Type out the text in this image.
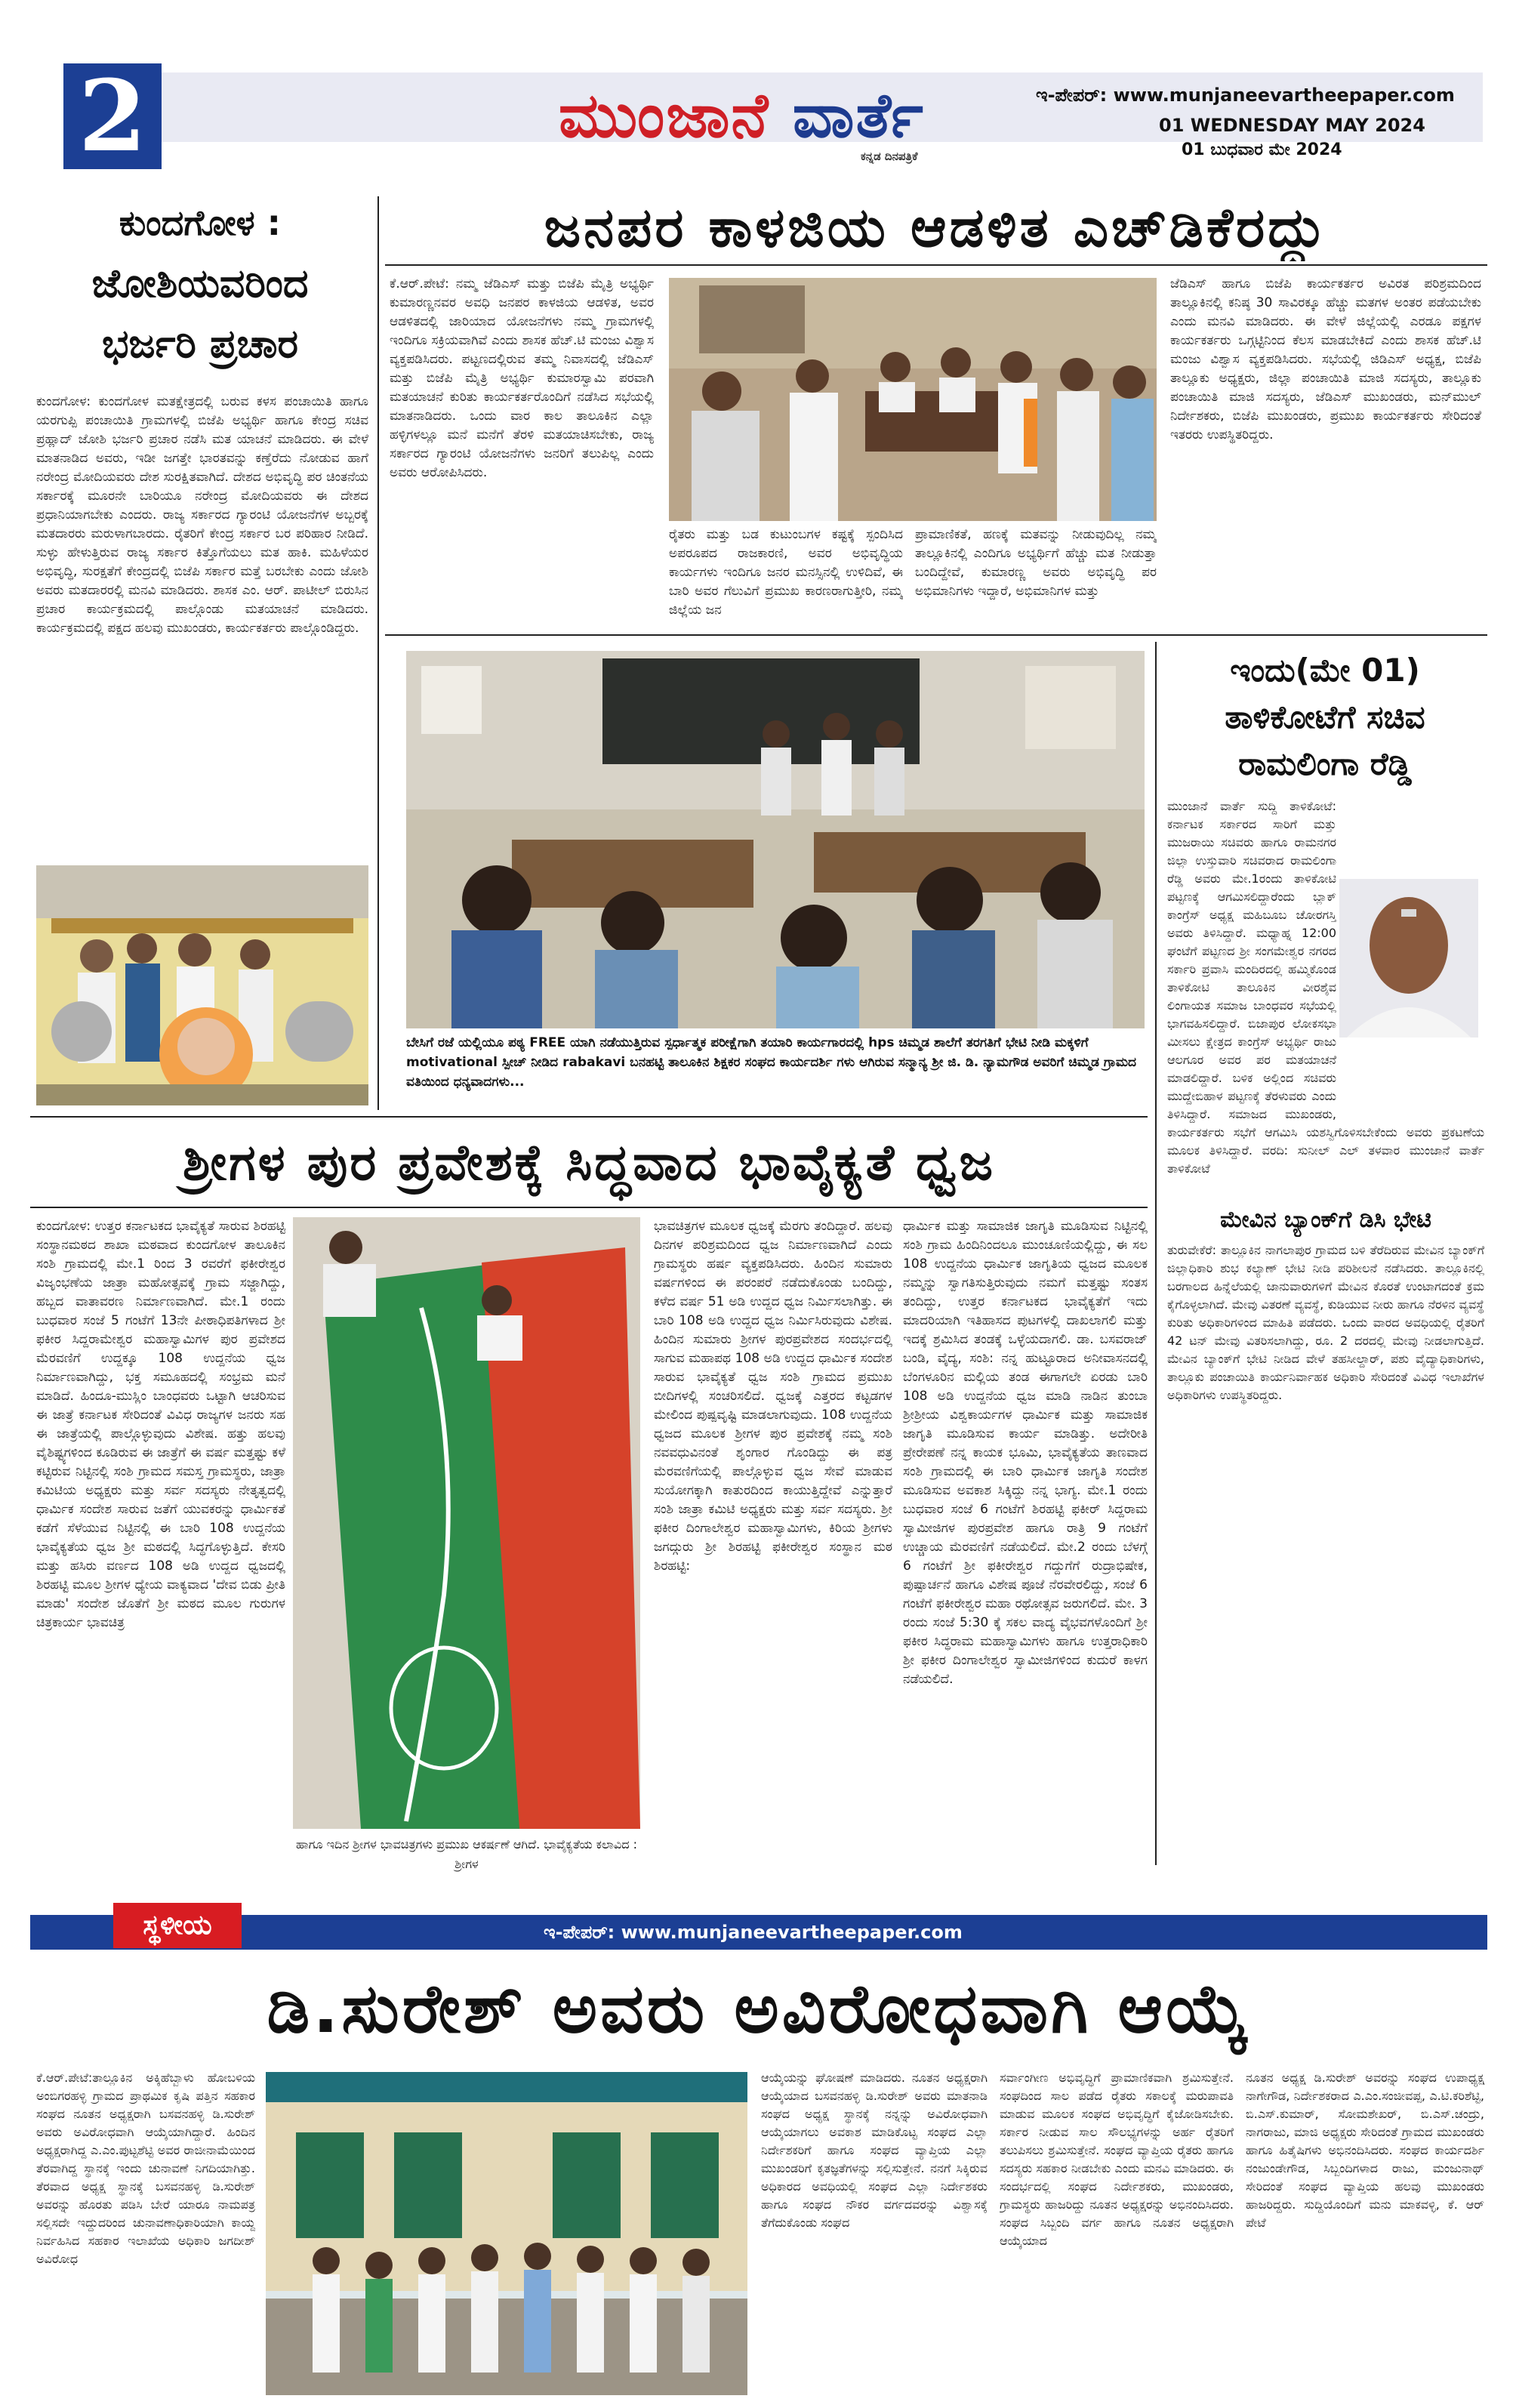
2	ಮುಂಜಾನೆ ವಾರ್ತೆ
ಕನ್ನಡ ದಿನಪತ್ರಿಕೆ
ಇ-ಪೇಪರ್: www.munjaneevartheepaper.com
01 WEDNESDAY MAY 2024
01 ಬುಧವಾರ ಮೇ 2024
ಕುಂದಗೋಳ :
ಜೋಶಿಯವರಿಂದ
ಭರ್ಜರಿ ಪ್ರಚಾರ
ಕುಂದಗೋಳ: ಕುಂದಗೋಳ ಮತಕ್ಷೇತ್ರದಲ್ಲಿ ಬರುವ ಕಳಸ ಪಂಚಾಯಿತಿ ಹಾಗೂ ಯರಗುಪ್ಪಿ ಪಂಚಾಯಿತಿ ಗ್ರಾಮಗಳಲ್ಲಿ ಬಿಜೆಪಿ ಅಭ್ಯರ್ಥಿ ಹಾಗೂ ಕೇಂದ್ರ ಸಚಿವ ಪ್ರಹ್ಲಾದ್ ಜೋಶಿ ಭರ್ಜರಿ ಪ್ರಚಾರ ನಡೆಸಿ ಮತ ಯಾಚನೆ ಮಾಡಿದರು. ಈ ವೇಳೆ ಮಾತನಾಡಿದ ಅವರು, ಇಡೀ ಜಗತ್ತೇ ಭಾರತವನ್ನು ಕಣ್ತೆರೆದು ನೋಡುವ ಹಾಗೆ ನರೇಂದ್ರ ಮೋದಿಯವರು ದೇಶ ಸುರಕ್ಷಿತವಾಗಿದೆ. ದೇಶದ ಅಭಿವೃದ್ಧಿ ಪರ ಚಿಂತನೆಯ ಸರ್ಕಾರಕ್ಕೆ ಮೂರನೇ ಬಾರಿಯೂ ನರೇಂದ್ರ ಮೋದಿಯವರು ಈ ದೇಶದ ಪ್ರಧಾನಿಯಾಗಬೇಕು ಎಂದರು. ರಾಜ್ಯ ಸರ್ಕಾರದ ಗ್ಯಾರಂಟಿ ಯೋಜನೆಗಳ ಅಬ್ಬರಕ್ಕೆ ಮತದಾರರು ಮರುಳಾಗಬಾರದು. ರೈತರಿಗೆ ಕೇಂದ್ರ ಸರ್ಕಾರ ಬರ ಪರಿಹಾರ ನೀಡಿದೆ. ಸುಳ್ಳು ಹೇಳುತ್ತಿರುವ ರಾಜ್ಯ ಸರ್ಕಾರ ಕಿತ್ತೊಗೆಯಲು ಮತ ಹಾಕಿ. ಮಹಿಳೆಯರ ಅಭಿವೃದ್ಧಿ, ಸುರಕ್ಷತೆಗೆ ಕೇಂದ್ರದಲ್ಲಿ ಬಿಜೆಪಿ ಸರ್ಕಾರ ಮತ್ತೆ ಬರಬೇಕು ಎಂದು ಜೋಶಿ ಅವರು ಮತದಾರರಲ್ಲಿ ಮನವಿ ಮಾಡಿದರು. ಶಾಸಕ ಎಂ. ಆರ್. ಪಾಟೀಲ್ ಬಿರುಸಿನ ಪ್ರಚಾರ ಕಾರ್ಯಕ್ರಮದಲ್ಲಿ ಪಾಲ್ಗೊಂಡು ಮತಯಾಚನೆ ಮಾಡಿದರು. ಕಾರ್ಯಕ್ರಮದಲ್ಲಿ ಪಕ್ಷದ ಹಲವು ಮುಖಂಡರು, ಕಾರ್ಯಕರ್ತರು ಪಾಲ್ಗೊಂಡಿದ್ದರು.
ಜನಪರ ಕಾಳಜಿಯ ಆಡಳಿತ ಎಚ್‌ಡಿಕೆರದ್ದು
ಕೆ.ಆರ್.ಪೇಟೆ: ನಮ್ಮ ಜೆಡಿಎಸ್ ಮತ್ತು ಬಿಜೆಪಿ ಮೈತ್ರಿ ಅಭ್ಯರ್ಥಿ ಕುಮಾರಣ್ಣನವರ ಅವಧಿ ಜನಪರ ಕಾಳಜಿಯ ಆಡಳಿತ, ಅವರ ಆಡಳಿತದಲ್ಲಿ ಜಾರಿಯಾದ ಯೋಜನೆಗಳು ನಮ್ಮ ಗ್ರಾಮಗಳಲ್ಲಿ ಇಂದಿಗೂ ಸಕ್ರಿಯವಾಗಿವೆ ಎಂದು ಶಾಸಕ ಹೆಚ್.ಟಿ ಮಂಜು ವಿಶ್ವಾಸ ವ್ಯಕ್ತಪಡಿಸಿದರು. ಪಟ್ಟಣದಲ್ಲಿರುವ ತಮ್ಮ ನಿವಾಸದಲ್ಲಿ ಜೆಡಿಎಸ್ ಮತ್ತು ಬಿಜೆಪಿ ಮೈತ್ರಿ ಅಭ್ಯರ್ಥಿ ಕುಮಾರಸ್ವಾಮಿ ಪರವಾಗಿ ಮತಯಾಚನೆ ಕುರಿತು ಕಾರ್ಯಕರ್ತರೊಂದಿಗೆ ನಡೆಸಿದ ಸಭೆಯಲ್ಲಿ ಮಾತನಾಡಿದರು. ಒಂದು ವಾರ ಕಾಲ ತಾಲೂಕಿನ ಎಲ್ಲಾ ಹಳ್ಳಿಗಳಲ್ಲೂ ಮನೆ ಮನೆಗೆ ತೆರಳಿ ಮತಯಾಚಿಸಬೇಕು, ರಾಜ್ಯ ಸರ್ಕಾರದ ಗ್ಯಾರಂಟಿ ಯೋಜನೆಗಳು ಜನರಿಗೆ ತಲುಪಿಲ್ಲ ಎಂದು ಅವರು ಆರೋಪಿಸಿದರು.
ರೈತರು ಮತ್ತು ಬಡ ಕುಟುಂಬಗಳ ಕಷ್ಟಕ್ಕೆ ಸ್ಪಂದಿಸಿದ ಅಪರೂಪದ ರಾಜಕಾರಣಿ, ಅವರ ಅಭಿವೃದ್ಧಿಯ ಕಾರ್ಯಗಳು ಇಂದಿಗೂ ಜನರ ಮನಸ್ಸಿನಲ್ಲಿ ಉಳಿದಿವೆ, ಈ ಬಾರಿ ಅವರ ಗೆಲುವಿಗೆ ಪ್ರಮುಖ ಕಾರಣರಾಗುತ್ತೀರಿ, ನಮ್ಮ ಜಿಲ್ಲೆಯ ಜನ
ಪ್ರಾಮಾಣಿಕತೆ, ಹಣಕ್ಕೆ ಮತವನ್ನು ನೀಡುವುದಿಲ್ಲ ನಮ್ಮ ತಾಲ್ಲೂಕಿನಲ್ಲಿ ಎಂದಿಗೂ ಅಭ್ಯರ್ಥಿಗೆ ಹೆಚ್ಚು ಮತ ನೀಡುತ್ತಾ ಬಂದಿದ್ದೇವೆ, ಕುಮಾರಣ್ಣ ಅವರು ಅಭಿವೃದ್ಧಿ ಪರ ಅಭಿಮಾನಿಗಳು ಇದ್ದಾರೆ, ಅಭಿಮಾನಿಗಳ ಮತ್ತು
ಜೆಡಿಎಸ್ ಹಾಗೂ ಬಿಜೆಪಿ ಕಾರ್ಯಕರ್ತರ ಅವಿರತ ಪರಿಶ್ರಮದಿಂದ ತಾಲ್ಲೂಕಿನಲ್ಲಿ ಕನಿಷ್ಠ 30 ಸಾವಿರಕ್ಕೂ ಹೆಚ್ಚು ಮತಗಳ ಅಂತರ ಪಡೆಯಬೇಕು ಎಂದು ಮನವಿ ಮಾಡಿದರು. ಈ ವೇಳೆ ಜಿಲ್ಲೆಯಲ್ಲಿ ಎರಡೂ ಪಕ್ಷಗಳ ಕಾರ್ಯಕರ್ತರು ಒಗ್ಗಟ್ಟಿನಿಂದ ಕೆಲಸ ಮಾಡಬೇಕಿದೆ ಎಂದು ಶಾಸಕ ಹೆಚ್.ಟಿ ಮಂಜು ವಿಶ್ವಾಸ ವ್ಯಕ್ತಪಡಿಸಿದರು. ಸಭೆಯಲ್ಲಿ ಜಿಡಿಎಸ್ ಅಧ್ಯಕ್ಷ, ಬಿಜೆಪಿ ತಾಲ್ಲೂಕು ಅಧ್ಯಕ್ಷರು, ಜಿಲ್ಲಾ ಪಂಚಾಯಿತಿ ಮಾಜಿ ಸದಸ್ಯರು, ತಾಲ್ಲೂಕು ಪಂಚಾಯಿತಿ ಮಾಜಿ ಸದಸ್ಯರು, ಜೆಡಿಎಸ್ ಮುಖಂಡರು, ಮನ್‌ಮುಲ್ ನಿರ್ದೇಶಕರು, ಬಿಜೆಪಿ ಮುಖಂಡರು, ಪ್ರಮುಖ ಕಾರ್ಯಕರ್ತರು ಸೇರಿದಂತೆ ಇತರರು ಉಪಸ್ಥಿತರಿದ್ದರು.
ಬೇಸಿಗೆ ರಜೆ ಯಲ್ಲಿಯೂ ಪಠ್ಯ FREE ಯಾಗಿ ನಡೆಯುತ್ತಿರುವ ಸ್ಪರ್ಧಾತ್ಮಕ ಪರೀಕ್ಷೆಗಾಗಿ ತಯಾರಿ ಕಾರ್ಯಗಾರದಲ್ಲಿ hps ಚಿಮ್ಮಡ ಶಾಲೆಗೆ ತರಗತಿಗೆ ಭೇಟಿ ನೀಡಿ ಮಕ್ಕಳಿಗೆ motivational ಸ್ಪೀಚ್ ನೀಡಿದ rabakavi ಬನಹಟ್ಟಿ ತಾಲೂಕಿನ ಶಿಕ್ಷಕರ ಸಂಘದ ಕಾರ್ಯದರ್ಶಿ ಗಳು ಆಗಿರುವ ಸನ್ಮಾನ್ಯ ಶ್ರೀ ಜಿ. ಡಿ. ನ್ಯಾಮಗೌಡ ಅವರಿಗೆ ಚಿಮ್ಮಡ ಗ್ರಾಮದ ವತಿಯಿಂದ ಧನ್ಯವಾದಗಳು...
ಇಂದು(ಮೇ 01)
ತಾಳಿಕೋಟೆಗೆ ಸಚಿವ
ರಾಮಲಿಂಗಾ ರೆಡ್ಡಿ
ಮುಂಜಾನೆ ವಾರ್ತೆ ಸುದ್ದಿ ತಾಳಿಕೋಟೆ: ಕರ್ನಾಟಕ ಸರ್ಕಾರದ ಸಾರಿಗೆ ಮತ್ತು ಮುಜರಾಯಿ ಸಚಿವರು ಹಾಗೂ ರಾಮನಗರ ಜಿಲ್ಲಾ ಉಸ್ತುವಾರಿ ಸಚಿವರಾದ ರಾಮಲಿಂಗಾ ರೆಡ್ಡಿ ಅವರು ಮೇ.1ರಂದು ತಾಳಿಕೋಟಿ ಪಟ್ಟಣಕ್ಕೆ ಆಗಮಿಸಲಿದ್ದಾರೆಂದು ಬ್ಲಾಕ್ ಕಾಂಗ್ರೆಸ್ ಅಧ್ಯಕ್ಷ ಮಹಿಬೂಬ ಚೋರಗಸ್ತಿ ಅವರು ತಿಳಿಸಿದ್ದಾರೆ. ಮಧ್ಯಾಹ್ನ 12:00 ಘಂಟೆಗೆ ಪಟ್ಟಣದ ಶ್ರೀ ಸಂಗಮೇಶ್ವರ ನಗರದ ಸರ್ಕಾರಿ ಪ್ರವಾಸಿ ಮಂದಿರದಲ್ಲಿ ಹಮ್ಮಿಕೊಂಡ ತಾಳಿಕೋಟಿ ತಾಲೂಕಿನ ವೀರಶೈವ ಲಿಂಗಾಯತ ಸಮಾಜ ಬಾಂಧವರ ಸಭೆಯಲ್ಲಿ ಭಾಗವಹಿಸಲಿದ್ದಾರೆ. ಬಿಜಾಪುರ ಲೋಕಸಭಾ ಮೀಸಲು ಕ್ಷೇತ್ರದ ಕಾಂಗ್ರೆಸ್ ಅಭ್ಯರ್ಥಿ ರಾಜು ಆಲಗೂರ ಅವರ ಪರ ಮತಯಾಚನೆ ಮಾಡಲಿದ್ದಾರೆ. ಬಳಿಕ ಅಲ್ಲಿಂದ ಸಚಿವರು ಮುದ್ದೇಬಿಹಾಳ ಪಟ್ಟಣಕ್ಕೆ ತೆರಳುವರು ಎಂದು ತಿಳಿಸಿದ್ದಾರೆ. ಸಮಾಜದ ಮುಖಂಡರು, ಕಾರ್ಯಕರ್ತರು ಸಭೆಗೆ ಆಗಮಿಸಿ ಯಶಸ್ವಿಗೊಳಿಸಬೇಕೆಂದು ಅವರು ಪ್ರಕಟಣೆಯ ಮೂಲಕ ತಿಳಿಸಿದ್ದಾರೆ. ವರದಿ: ಸುನೀಲ್ ಎಲ್ ತಳವಾರ ಮುಂಜಾನೆ ವಾರ್ತೆ ತಾಳಿಕೋಟೆ
ಮೇವಿನ ಬ್ಯಾಂಕ್‌ಗೆ ಡಿಸಿ ಭೇಟಿ
ತುರುವೇಕೆರೆ: ತಾಲ್ಲೂಕಿನ ನಾಗಲಾಪುರ ಗ್ರಾಮದ ಬಳಿ ತೆರೆದಿರುವ ಮೇವಿನ ಬ್ಯಾಂಕ್‌ಗೆ ಜಿಲ್ಲಾಧಿಕಾರಿ ಶುಭ ಕಲ್ಯಾಣ್ ಭೇಟಿ ನೀಡಿ ಪರಿಶೀಲನೆ ನಡೆಸಿದರು. ತಾಲ್ಲೂಕಿನಲ್ಲಿ ಬರಗಾಲದ ಹಿನ್ನೆಲೆಯಲ್ಲಿ ಜಾನುವಾರುಗಳಿಗೆ ಮೇವಿನ ಕೊರತೆ ಉಂಟಾಗದಂತೆ ಕ್ರಮ ಕೈಗೊಳ್ಳಲಾಗಿದೆ. ಮೇವು ವಿತರಣೆ ವ್ಯವಸ್ಥೆ, ಕುಡಿಯುವ ನೀರು ಹಾಗೂ ನೆರಳಿನ ವ್ಯವಸ್ಥೆ ಕುರಿತು ಅಧಿಕಾರಿಗಳಿಂದ ಮಾಹಿತಿ ಪಡೆದರು. ಒಂದು ವಾರದ ಅವಧಿಯಲ್ಲಿ ರೈತರಿಗೆ 42 ಟನ್ ಮೇವು ವಿತರಿಸಲಾಗಿದ್ದು, ರೂ. 2 ದರದಲ್ಲಿ ಮೇವು ನೀಡಲಾಗುತ್ತಿದೆ. ಮೇವಿನ ಬ್ಯಾಂಕ್‌ಗೆ ಭೇಟಿ ನೀಡಿದ ವೇಳೆ ತಹಸೀಲ್ದಾರ್, ಪಶು ವೈದ್ಯಾಧಿಕಾರಿಗಳು, ತಾಲ್ಲೂಕು ಪಂಚಾಯಿತಿ ಕಾರ್ಯನಿರ್ವಾಹಕ ಅಧಿಕಾರಿ ಸೇರಿದಂತೆ ವಿವಿಧ ಇಲಾಖೆಗಳ ಅಧಿಕಾರಿಗಳು ಉಪಸ್ಥಿತರಿದ್ದರು.
ಶ್ರೀಗಳ ಪುರ ಪ್ರವೇಶಕ್ಕೆ ಸಿದ್ಧವಾದ ಭಾವೈಕ್ಯತೆ ಧ್ವಜ
ಕುಂದಗೋಳ: ಉತ್ತರ ಕರ್ನಾಟಕದ ಭಾವೈಕ್ಯತೆ ಸಾರುವ ಶಿರಹಟ್ಟಿ ಸಂಸ್ಥಾನಮಠದ ಶಾಖಾ ಮಠವಾದ ಕುಂದಗೋಳ ತಾಲೂಕಿನ ಸಂಶಿ ಗ್ರಾಮದಲ್ಲಿ ಮೇ.1 ರಿಂದ 3 ರವರೆಗೆ ಫಕೀರೇಶ್ವರ ವಿಜೃಂಭಣೆಯ ಜಾತ್ರಾ ಮಹೋತ್ಸವಕ್ಕೆ ಗ್ರಾಮ ಸಜ್ಜಾಗಿದ್ದು, ಹಬ್ಬದ ವಾತಾವರಣ ನಿರ್ಮಾಣವಾಗಿದೆ. ಮೇ.1 ರಂದು ಬುಧವಾರ ಸಂಜೆ 5 ಗಂಟೆಗೆ 13ನೇ ಪೀಠಾಧಿಪತಿಗಳಾದ ಶ್ರೀ ಫಕೀರ ಸಿದ್ದರಾಮೇಶ್ವರ ಮಹಾಸ್ವಾಮಿಗಳ ಪುರ ಪ್ರವೇಶದ ಮೆರವಣಿಗೆ ಉದ್ದಕ್ಕೂ 108 ಉದ್ದನೆಯ ಧ್ವಜ ನಿರ್ಮಾಣವಾಗಿದ್ದು, ಭಕ್ತ ಸಮೂಹದಲ್ಲಿ ಸಂಭ್ರಮ ಮನೆ ಮಾಡಿದೆ. ಹಿಂದೂ-ಮುಸ್ಲಿಂ ಬಾಂಧವರು ಒಟ್ಟಾಗಿ ಆಚರಿಸುವ ಈ ಜಾತ್ರೆ ಕರ್ನಾಟಕ ಸೇರಿದಂತೆ ವಿವಿಧ ರಾಜ್ಯಗಳ ಜನರು ಸಹ ಈ ಜಾತ್ರೆಯಲ್ಲಿ ಪಾಲ್ಗೊಳ್ಳುವುದು ವಿಶೇಷ. ಹತ್ತು ಹಲವು ವೈಶಿಷ್ಟ್ಯಗಳಿಂದ ಕೂಡಿರುವ ಈ ಜಾತ್ರೆಗೆ ಈ ವರ್ಷ ಮತ್ತಷ್ಟು ಕಳೆ ಕಟ್ಟಿರುವ ನಿಟ್ಟಿನಲ್ಲಿ ಸಂಶಿ ಗ್ರಾಮದ ಸಮಸ್ತ ಗ್ರಾಮಸ್ಥರು, ಜಾತ್ರಾ ಕಮಿಟಿಯ ಅಧ್ಯಕ್ಷರು ಮತ್ತು ಸರ್ವ ಸದಸ್ಯರು ನೇತೃತ್ವದಲ್ಲಿ ಧಾರ್ಮಿಕ ಸಂದೇಶ ಸಾರುವ ಜತೆಗೆ ಯುವಕರನ್ನು ಧಾರ್ಮಿಕತೆ ಕಡೆಗೆ ಸೆಳೆಯುವ ನಿಟ್ಟಿನಲ್ಲಿ ಈ ಬಾರಿ 108 ಉದ್ದನೆಯ ಭಾವೈಕ್ಯತೆಯ ಧ್ವಜ ಶ್ರೀ ಮಠದಲ್ಲಿ ಸಿದ್ಧಗೊಳ್ಳುತ್ತಿದೆ. ಕೇಸರಿ ಮತ್ತು ಹಸಿರು ವರ್ಣದ 108 ಅಡಿ ಉದ್ದದ ಧ್ವಜದಲ್ಲಿ ಶಿರಹಟ್ಟಿ ಮೂಲ ಶ್ರೀಗಳ ಧ್ಯೇಯ ವಾಕ್ಯವಾದ 'ದೇವ ಬಿಡು ಪ್ರೀತಿ ಮಾಡು' ಸಂದೇಶ ಜೊತೆಗೆ ಶ್ರೀ ಮಠದ ಮೂಲ ಗುರುಗಳ ಚಿತ್ರಕಾರ್ಯ ಭಾವಚಿತ್ರ
ಹಾಗೂ ಇದಿನ ಶ್ರೀಗಳ ಭಾವಚಿತ್ರಗಳು ಪ್ರಮುಖ ಆಕರ್ಷಣೆ ಆಗಿದೆ. ಭಾವೈಕ್ಯತೆಯ ಕಲಾವಿದ : ಶ್ರೀಗಳ
ಭಾವಚಿತ್ರಗಳ ಮೂಲಕ ಧ್ವಜಕ್ಕೆ ಮೆರಗು ತಂದಿದ್ದಾರೆ. ಹಲವು ದಿನಗಳ ಪರಿಶ್ರಮದಿಂದ ಧ್ವಜ ನಿರ್ಮಾಣವಾಗಿದೆ ಎಂದು ಗ್ರಾಮಸ್ಥರು ಹರ್ಷ ವ್ಯಕ್ತಪಡಿಸಿದರು. ಹಿಂದಿನ ಸುಮಾರು ವರ್ಷಗಳಿಂದ ಈ ಪರಂಪರೆ ನಡೆದುಕೊಂಡು ಬಂದಿದ್ದು, ಕಳೆದ ವರ್ಷ 51 ಅಡಿ ಉದ್ದದ ಧ್ವಜ ನಿರ್ಮಿಸಲಾಗಿತ್ತು. ಈ ಬಾರಿ 108 ಅಡಿ ಉದ್ದದ ಧ್ವಜ ನಿರ್ಮಿಸಿರುವುದು ವಿಶೇಷ. ಹಿಂದಿನ ಸುಮಾರು ಶ್ರೀಗಳ ಪುರಪ್ರವೇಶದ ಸಂದರ್ಭದಲ್ಲಿ ಸಾಗುವ ಮಹಾಪಥ 108 ಅಡಿ ಉದ್ದದ ಧಾರ್ಮಿಕ ಸಂದೇಶ ಸಾರುವ ಭಾವೈಕ್ಯತೆ ಧ್ವಜ ಸಂಶಿ ಗ್ರಾಮದ ಪ್ರಮುಖ ಬೀದಿಗಳಲ್ಲಿ ಸಂಚರಿಸಲಿದೆ. ಧ್ವಜಕ್ಕೆ ಎತ್ತರದ ಕಟ್ಟಡಗಳ ಮೇಲಿಂದ ಪುಷ್ಪವೃಷ್ಟಿ ಮಾಡಲಾಗುವುದು. 108 ಉದ್ದನೆಯ ಧ್ವಜದ ಮೂಲಕ ಶ್ರೀಗಳ ಪುರ ಪ್ರವೇಶಕ್ಕೆ ನಮ್ಮ ಸಂಶಿ ನವವಧುವಿನಂತೆ ಶೃಂಗಾರ ಗೊಂಡಿದ್ದು ಈ ಪತ್ರ ಮೆರವಣಿಗೆಯಲ್ಲಿ ಪಾಲ್ಗೊಳ್ಳುವ ಧ್ವಜ ಸೇವೆ ಮಾಡುವ ಸುಯೋಗಕ್ಕಾಗಿ ಕಾತುರದಿಂದ ಕಾಯುತ್ತಿದ್ದೇವೆ ಎನ್ನುತ್ತಾರೆ ಸಂಶಿ ಜಾತ್ರಾ ಕಮಿಟಿ ಅಧ್ಯಕ್ಷರು ಮತ್ತು ಸರ್ವ ಸದಸ್ಯರು. ಶ್ರೀ ಫಕೀರ ದಿಂಗಾಲೇಶ್ವರ ಮಹಾಸ್ವಾಮಿಗಳು, ಕಿರಿಯ ಶ್ರೀಗಳು ಜಗದ್ಗುರು ಶ್ರೀ ಶಿರಹಟ್ಟಿ ಫಕೀರೇಶ್ವರ ಸಂಸ್ಥಾನ ಮಠ ಶಿರಹಟ್ಟಿ:
ಧಾರ್ಮಿಕ ಮತ್ತು ಸಾಮಾಜಿಕ ಜಾಗೃತಿ ಮೂಡಿಸುವ ನಿಟ್ಟಿನಲ್ಲಿ ಸಂಶಿ ಗ್ರಾಮ ಹಿಂದಿನಿಂದಲೂ ಮುಂಚೂಣಿಯಲ್ಲಿದ್ದು, ಈ ಸಲ 108 ಉದ್ದನೆಯ ಧಾರ್ಮಿಕ ಜಾಗೃತಿಯ ಧ್ವಜದ ಮೂಲಕ ನಮ್ಮನ್ನು ಸ್ವಾಗತಿಸುತ್ತಿರುವುದು ನಮಗೆ ಮತ್ತಷ್ಟು ಸಂತಸ ತಂದಿದ್ದು, ಉತ್ತರ ಕರ್ನಾಟಕದ ಭಾವೈಕ್ಯತೆಗೆ ಇದು ಮಾದರಿಯಾಗಿ ಇತಿಹಾಸದ ಪುಟಗಳಲ್ಲಿ ದಾಖಲಾಗಲಿ ಮತ್ತು ಇದಕ್ಕೆ ಶ್ರಮಿಸಿದ ತಂಡಕ್ಕೆ ಒಳ್ಳೆಯದಾಗಲಿ. ಡಾ. ಬಸವರಾಜ್ ಬಂಡಿ, ವೈದ್ಯ, ಸಂಶಿ: ನನ್ನ ಹುಟ್ಟೂರಾದ ಅನೀವಾಸನದಲ್ಲಿ ಬೆಂಗಳೂರಿನ ಮಲ್ಲಿಯ ತಂಡ ಈಗಾಗಲೇ ಏರಡು ಬಾರಿ 108 ಅಡಿ ಉದ್ದನೆಯ ಧ್ವಜ ಮಾಡಿ ನಾಡಿನ ತುಂಬಾ ಶ್ರೀಶ್ರೀಯ ವಿಶ್ವಕಾರ್ಯಗಳ ಧಾರ್ಮಿಕ ಮತ್ತು ಸಾಮಾಜಿಕ ಜಾಗೃತಿ ಮೂಡಿಸುವ ಕಾರ್ಯ ಮಾಡಿತ್ತು. ಅದೇರೀತಿ ಪ್ರೇರೇಪಣೆ ನನ್ನ ಕಾಯಕ ಭೂಮಿ, ಭಾವೈಕ್ಯತೆಯ ತಾಣವಾದ ಸಂಶಿ ಗ್ರಾಮದಲ್ಲಿ ಈ ಬಾರಿ ಧಾರ್ಮಿಕ ಜಾಗೃತಿ ಸಂದೇಶ ಮೂಡಿಸುವ ಅವಕಾಶ ಸಿಕ್ಕಿದ್ದು ನನ್ನ ಭಾಗ್ಯ. ಮೇ.1 ರಂದು ಬುಧವಾರ ಸಂಜೆ 6 ಗಂಟೆಗೆ ಶಿರಹಟ್ಟಿ ಫಕೀರ್ ಸಿದ್ದರಾಮ ಸ್ವಾಮೀಜಿಗಳ ಪುರಪ್ರವೇಶ ಹಾಗೂ ರಾತ್ರಿ 9 ಗಂಟೆಗೆ ಉಚ್ಚಾಯ ಮೆರವಣಿಗೆ ನಡೆಯಲಿದೆ. ಮೇ.2 ರಂದು ಬೆಳಗ್ಗೆ 6 ಗಂಟೆಗೆ ಶ್ರೀ ಫಕೀರೇಶ್ವರ ಗದ್ದುಗೆಗೆ ರುದ್ರಾಭಿಷೇಕ, ಪುಷ್ಪಾರ್ಚನೆ ಹಾಗೂ ವಿಶೇಷ ಪೂಜೆ ನೆರವೇರಲಿದ್ದು, ಸಂಜೆ 6 ಗಂಟೆಗೆ ಫಕೀರೇಶ್ವರ ಮಹಾ ರಥೋತ್ಸವ ಜರುಗಲಿದೆ. ಮೇ. 3 ರಂದು ಸಂಜೆ 5:30 ಕ್ಕೆ ಸಕಲ ವಾದ್ಯ ವೈಭವಗಳೊಂದಿಗೆ ಶ್ರೀ ಫಕೀರ ಸಿದ್ಧರಾಮ ಮಹಾಸ್ವಾಮಿಗಳು ಹಾಗೂ ಉತ್ತರಾಧಿಕಾರಿ ಶ್ರೀ ಫಕೀರ ದಿಂಗಾಲೇಶ್ವರ ಸ್ವಾಮೀಜಿಗಳಿಂದ ಕುದುರೆ ಕಾಳಗ ನಡೆಯಲಿದೆ.
ಸ್ಥಳೀಯ	ಇ-ಪೇಪರ್: www.munjaneevartheepaper.com
ಡಿ.ಸುರೇಶ್ ಅವರು ಅವಿರೋಧವಾಗಿ ಆಯ್ಕೆ
ಕೆ.ಆರ್.ಪೇಟೆ:ತಾಲ್ಲೂಕಿನ ಅಕ್ಕಿಹೆಬ್ಬಾಳು ಹೋಬಳಿಯ ಅಂಬಿಗರಹಳ್ಳಿ ಗ್ರಾಮದ ಪ್ರಾಥಮಿಕ ಕೃಷಿ ಪತ್ತಿನ ಸಹಕಾರ ಸಂಘದ ನೂತನ ಅಧ್ಯಕ್ಷರಾಗಿ ಬಸವನಹಳ್ಳಿ ಡಿ.ಸುರೇಶ್ ಅವರು ಅವಿರೋಧವಾಗಿ ಆಯ್ಕೆಯಾಗಿದ್ದಾರೆ. ಹಿಂದಿನ ಅಧ್ಯಕ್ಷರಾಗಿದ್ದ ಎ.ಎಂ.ಪುಟ್ಟಶೆಟ್ಟಿ ಅವರ ರಾಜೀನಾಮೆಯಿಂದ ತೆರವಾಗಿದ್ದ ಸ್ಥಾನಕ್ಕೆ ಇಂದು ಚುನಾವಣೆ ನಿಗದಿಯಾಗಿತ್ತು. ತೆರವಾದ ಅಧ್ಯಕ್ಷ ಸ್ಥಾನಕ್ಕೆ ಬಸವನಹಳ್ಳಿ ಡಿ.ಸುರೇಶ್ ಅವರನ್ನು ಹೊರತು ಪಡಿಸಿ ಬೇರೆ ಯಾರೂ ನಾಮಪತ್ರ ಸಲ್ಲಿಸದೇ ಇದ್ದುದರಿಂದ ಚುನಾವಣಾಧಿಕಾರಿಯಾಗಿ ಕಾಯ್ದ ನಿರ್ವಹಿಸಿದ ಸಹಕಾರ ಇಲಾಖೆಯ ಅಧಿಕಾರಿ ಜಗದೀಶ್ ಅವಿರೋಧ
ಆಯ್ಕೆಯನ್ನು ಘೋಷಣೆ ಮಾಡಿದರು. ನೂತನ ಅಧ್ಯಕ್ಷರಾಗಿ ಆಯ್ಕೆಯಾದ ಬಸವನಹಳ್ಳಿ ಡಿ.ಸುರೇಶ್ ಅವರು ಮಾತನಾಡಿ ಸಂಘದ ಅಧ್ಯಕ್ಷ ಸ್ಥಾನಕ್ಕೆ ನನ್ನನ್ನು ಅವಿರೋಧವಾಗಿ ಆಯ್ಕೆಯಾಗಲು ಅವಕಾಶ ಮಾಡಿಕೊಟ್ಟ ಸಂಘದ ಎಲ್ಲಾ ನಿರ್ದೇಶಕರಿಗೆ ಹಾಗೂ ಸಂಘದ ವ್ಯಾಪ್ತಿಯ ಎಲ್ಲಾ ಮುಖಂಡರಿಗೆ ಕೃತಜ್ಞತೆಗಳನ್ನು ಸಲ್ಲಿಸುತ್ತೇನೆ. ನನಗೆ ಸಿಕ್ಕಿರುವ ಅಧಿಕಾರದ ಅವಧಿಯಲ್ಲಿ ಸಂಘದ ಎಲ್ಲಾ ನಿರ್ದೇಶಕರು ಹಾಗೂ ಸಂಘದ ನೌಕರ ವರ್ಗದವರನ್ನು ವಿಶ್ವಾಸಕ್ಕೆ ತೆಗೆದುಕೊಂಡು ಸಂಘದ
ಸರ್ವಾಂಗೀಣ ಅಭಿವೃದ್ಧಿಗೆ ಪ್ರಾಮಾಣಿಕವಾಗಿ ಶ್ರಮಿಸುತ್ತೇನೆ. ಸಂಘದಿಂದ ಸಾಲ ಪಡೆದ ರೈತರು ಸಕಾಲಕ್ಕೆ ಮರುಪಾವತಿ ಮಾಡುವ ಮೂಲಕ ಸಂಘದ ಅಭಿವೃದ್ಧಿಗೆ ಕೈಜೋಡಿಸಬೇಕು. ಸರ್ಕಾರ ನೀಡುವ ಸಾಲ ಸೌಲಭ್ಯಗಳನ್ನು ಅರ್ಹ ರೈತರಿಗೆ ತಲುಪಿಸಲು ಶ್ರಮಿಸುತ್ತೇನೆ. ಸಂಘದ ವ್ಯಾಪ್ತಿಯ ರೈತರು ಹಾಗೂ ಸದಸ್ಯರು ಸಹಕಾರ ನೀಡಬೇಕು ಎಂದು ಮನವಿ ಮಾಡಿದರು. ಈ ಸಂದರ್ಭದಲ್ಲಿ ಸಂಘದ ನಿರ್ದೇಶಕರು, ಮುಖಂಡರು, ಗ್ರಾಮಸ್ಥರು ಹಾಜರಿದ್ದು ನೂತನ ಅಧ್ಯಕ್ಷರನ್ನು ಅಭಿನಂದಿಸಿದರು. ಸಂಘದ ಸಿಬ್ಬಂದಿ ವರ್ಗ ಹಾಗೂ ನೂತನ ಅಧ್ಯಕ್ಷರಾಗಿ ಆಯ್ಕೆಯಾದ
ನೂತನ ಅಧ್ಯಕ್ಷ ಡಿ.ಸುರೇಶ್ ಅವರನ್ನು ಸಂಘದ ಉಪಾಧ್ಯಕ್ಷ ನಾಗೇಗೌಡ, ನಿರ್ದೇಶಕರಾದ ಎ.ಎಂ.ಸಂಜೀವಪ್ಪ, ಎ.ಟಿ.ಕರಿಶೆಟ್ಟಿ, ಬಿ.ಎಸ್.ಕುಮಾರ್, ಸೋಮಶೇಖರ್, ಬಿ.ಎಸ್.ಚಂದ್ರು, ನಾಗರಾಜು, ಮಾಜಿ ಅಧ್ಯಕ್ಷರು ಸೇರಿದಂತೆ ಗ್ರಾಮದ ಮುಖಂಡರು ಹಾಗೂ ಹಿತೈಷಿಗಳು ಅಭಿನಂದಿಸಿದರು. ಸಂಘದ ಕಾರ್ಯದರ್ಶಿ ನಂಜುಂಡೇಗೌಡ, ಸಿಬ್ಬಂದಿಗಳಾದ ರಾಜು, ಮಂಜುನಾಥ್ ಸೇರಿದಂತೆ ಸಂಘದ ವ್ಯಾಪ್ತಿಯ ಹಲವು ಮುಖಂಡರು ಹಾಜರಿದ್ದರು. ಸುದ್ದಿಯೊಂದಿಗೆ ಮನು ಮಾಕವಳ್ಳಿ, ಕೆ. ಆರ್ ಪೇಟೆ
